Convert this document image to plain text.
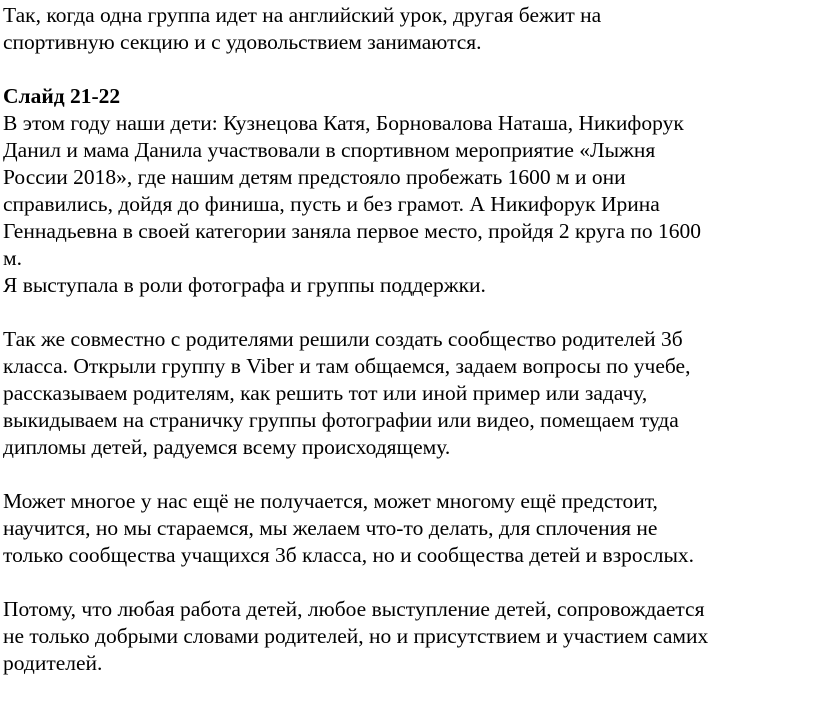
Так, когда одна группа идет на английский урок, другая бежит на
спортивную секцию и с удовольствием занимаются.
Слайд 21-22
В этом году наши дети: Кузнецова Катя, Борновалова Наташа, Никифорук
Данил и мама Данила участвовали в спортивном мероприятие «Лыжня
России 2018», где нашим детям предстояло пробежать 1600 м и они
справились, дойдя до финиша, пусть и без грамот. А Никифорук Ирина
Геннадьевна в своей категории заняла первое место, пройдя 2 круга по 1600
м.
Я выступала в роли фотографа и группы поддержки.
Так же совместно с родителями решили создать сообщество родителей 3б
класса. Открыли группу в Viber и там общаемся, задаем вопросы по учебе,
рассказываем родителям, как решить тот или иной пример или задачу,
выкидываем на страничку группы фотографии или видео, помещаем туда
дипломы детей, радуемся всему происходящему.
Может многое у нас ещё не получается, может многому ещё предстоит,
научится, но мы стараемся, мы желаем что-то делать, для сплочения не
только сообщества учащихся 3б класса, но и сообщества детей и взрослых.
Потому, что любая работа детей, любое выступление детей, сопровождается
не только добрыми словами родителей, но и присутствием и участием самих
родителей.
